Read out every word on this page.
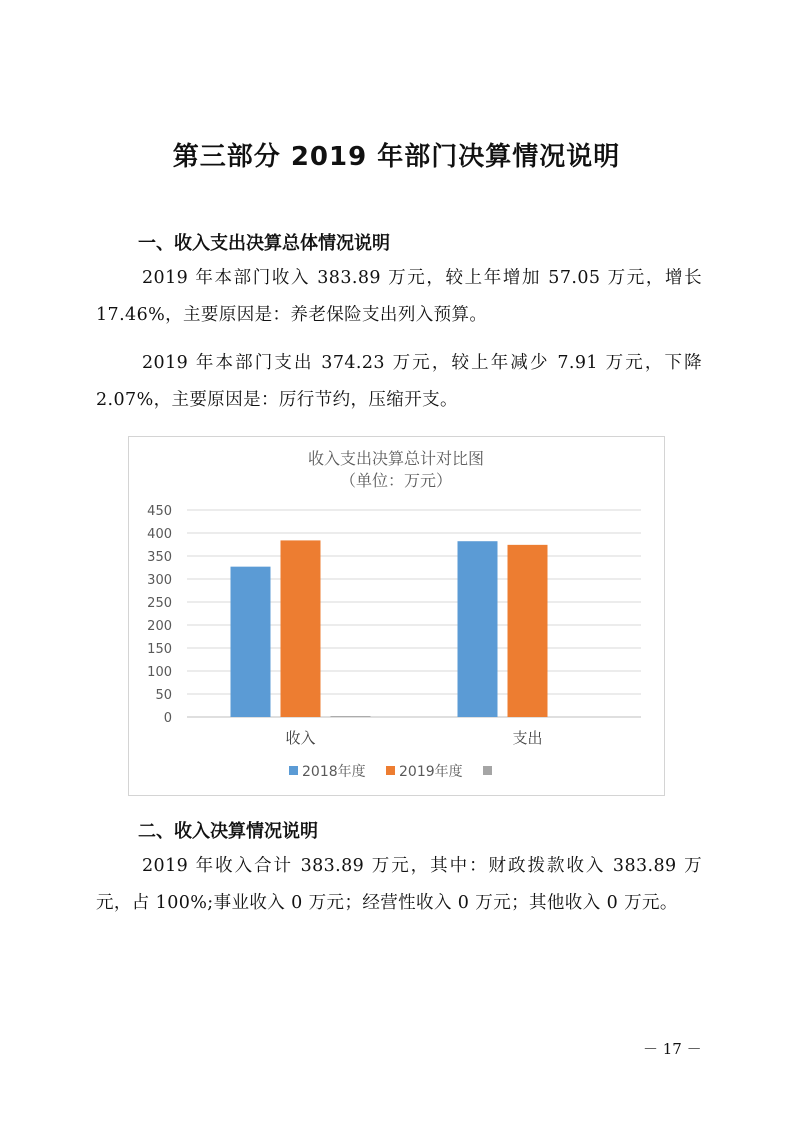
第三部分 2019 年部门决算情况说明
一、收入支出决算总体情况说明
2019 年本部门收入 383.89 万元，较上年增加 57.05 万元，增长 17.46%，主要原因是：养老保险支出列入预算。
2019 年本部门支出 374.23 万元，较上年减少 7.91 万元，下降 2.07%，主要原因是：厉行节约，压缩开支。
收入支出决算总计对比图
（单位：万元）
0
50
100
150
200
250
300
350
400
450
收入	支出
2018年度 2019年度
二、收入决算情况说明
2019 年收入合计 383.89 万元，其中：财政拨款收入 383.89 万元，占 100%;事业收入 0 万元；经营性收入 0 万元；其他收入 0 万元。
－ 17 －
